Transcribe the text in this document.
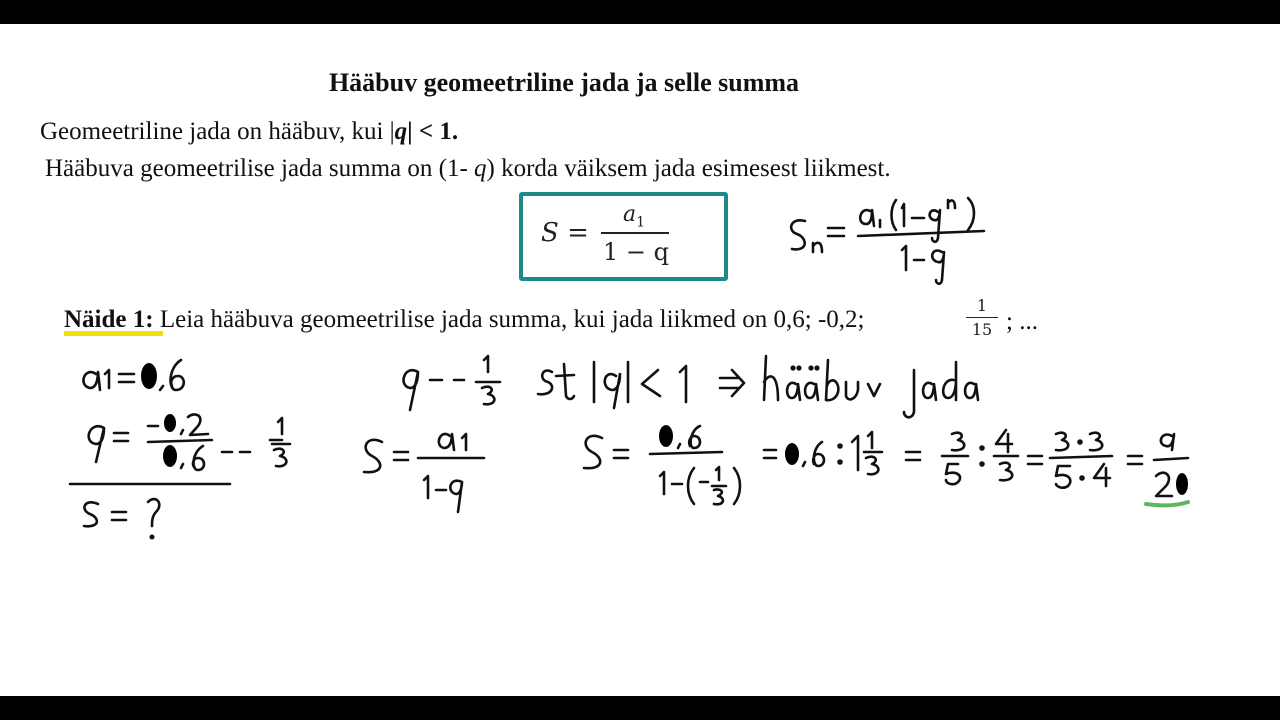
Hääbuv geomeetriline jada ja selle summa
Geomeetriline jada on hääbuv, kui |q| < 1.
Hääbuva geomeetrilise jada summa on (1- q) korda väiksem jada esimesest liikmest.
S =
$a_1$
1 − q
Näide 1: Leia hääbuva geomeetrilise jada summa, kui jada liikmed on 0,6; -0,2;	$\frac{1}{15}$ ; ...
